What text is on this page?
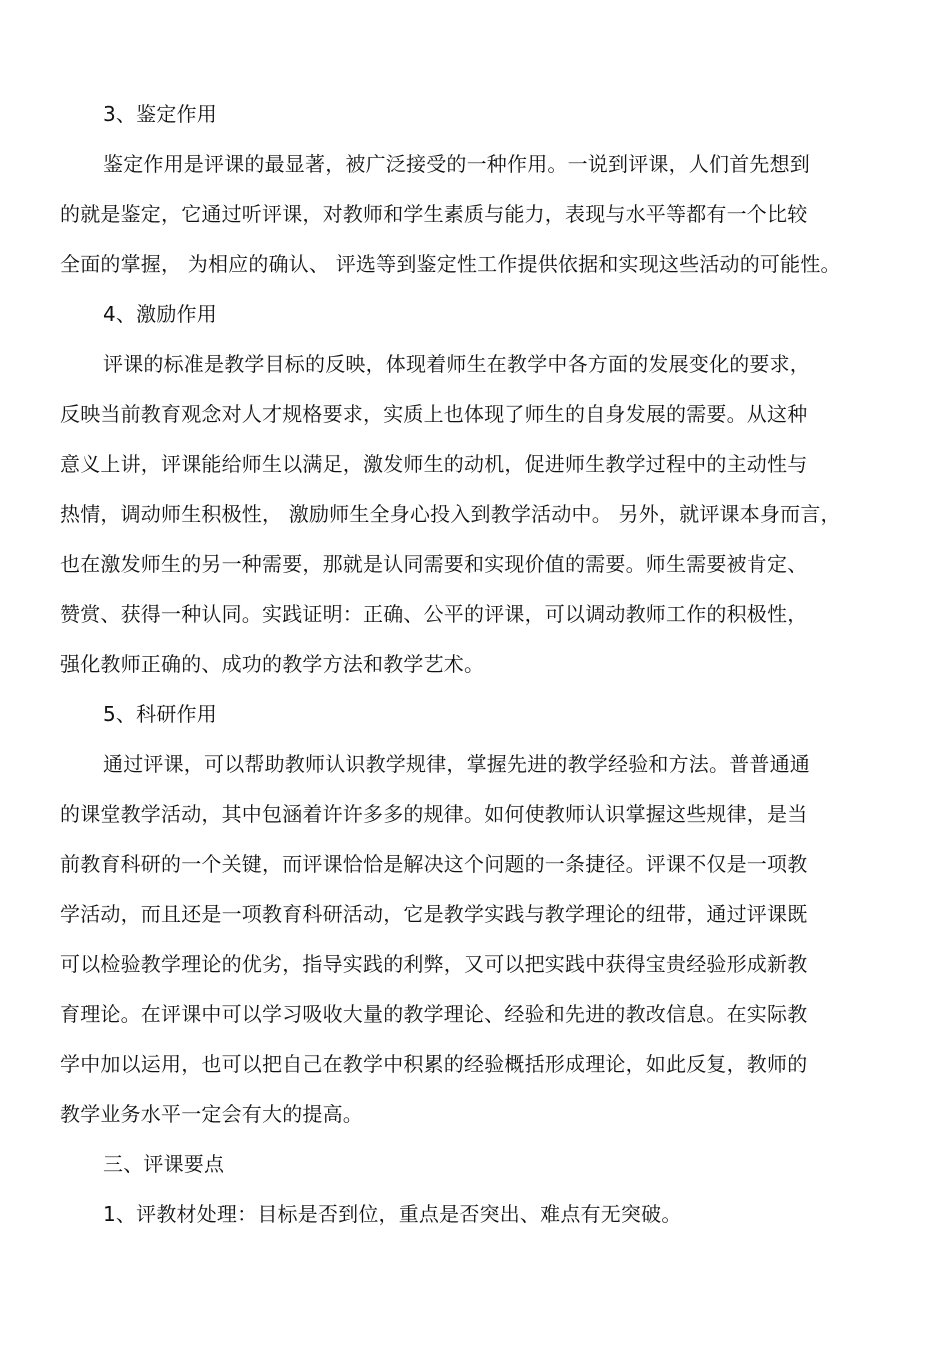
3、鉴定作用
鉴定作用是评课的最显著，被广泛接受的一种作用。一说到评课，人们首先想到
的就是鉴定，它通过听评课，对教师和学生素质与能力，表现与水平等都有一个比较
全面的掌握， 为相应的确认、 评选等到鉴定性工作提供依据和实现这些活动的可能性。
4、激励作用
评课的标准是教学目标的反映，体现着师生在教学中各方面的发展变化的要求，
反映当前教育观念对人才规格要求，实质上也体现了师生的自身发展的需要。从这种
意义上讲，评课能给师生以满足，激发师生的动机，促进师生教学过程中的主动性与
热情，调动师生积极性， 激励师生全身心投入到教学活动中。 另外，就评课本身而言，
也在激发师生的另一种需要，那就是认同需要和实现价值的需要。师生需要被肯定、
赞赏、获得一种认同。实践证明：正确、公平的评课，可以调动教师工作的积极性，
强化教师正确的、成功的教学方法和教学艺术。
5、科研作用
通过评课，可以帮助教师认识教学规律，掌握先进的教学经验和方法。普普通通
的课堂教学活动，其中包涵着许许多多的规律。如何使教师认识掌握这些规律，是当
前教育科研的一个关键，而评课恰恰是解决这个问题的一条捷径。评课不仅是一项教
学活动，而且还是一项教育科研活动，它是教学实践与教学理论的纽带，通过评课既
可以检验教学理论的优劣，指导实践的利弊，又可以把实践中获得宝贵经验形成新教
育理论。在评课中可以学习吸收大量的教学理论、经验和先进的教改信息。在实际教
学中加以运用，也可以把自己在教学中积累的经验概括形成理论，如此反复，教师的
教学业务水平一定会有大的提高。
三、评课要点
1、评教材处理：目标是否到位，重点是否突出、难点有无突破。
